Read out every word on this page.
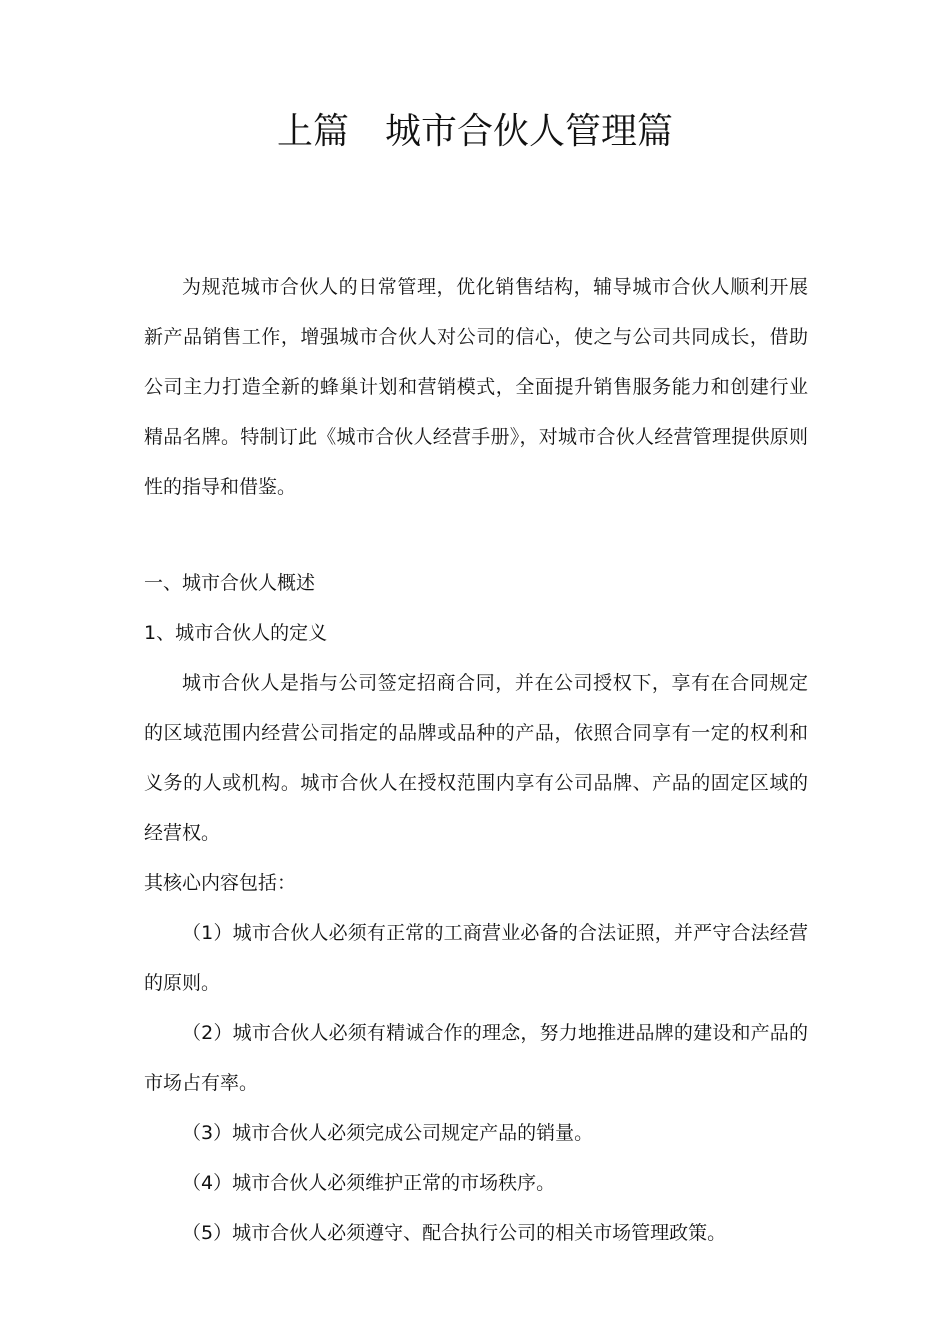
上篇　城市合伙人管理篇

为规范城市合伙人的日常管理，优化销售结构，辅导城市合伙人顺利开展新产品销售工作，增强城市合伙人对公司的信心，使之与公司共同成长，借助公司主力打造全新的蜂巢计划和营销模式，全面提升销售服务能力和创建行业精品名牌。特制订此《城市合伙人经营手册》，对城市合伙人经营管理提供原则性的指导和借鉴。

一、城市合伙人概述

1、城市合伙人的定义

城市合伙人是指与公司签定招商合同，并在公司授权下，享有在合同规定的区域范围内经营公司指定的品牌或品种的产品，依照合同享有一定的权利和义务的人或机构。城市合伙人在授权范围内享有公司品牌、产品的固定区域的经营权。

其核心内容包括：

（1）城市合伙人必须有正常的工商营业必备的合法证照，并严守合法经营的原则。

（2）城市合伙人必须有精诚合作的理念，努力地推进品牌的建设和产品的市场占有率。

（3）城市合伙人必须完成公司规定产品的销量。

（4）城市合伙人必须维护正常的市场秩序。

（5）城市合伙人必须遵守、配合执行公司的相关市场管理政策。
